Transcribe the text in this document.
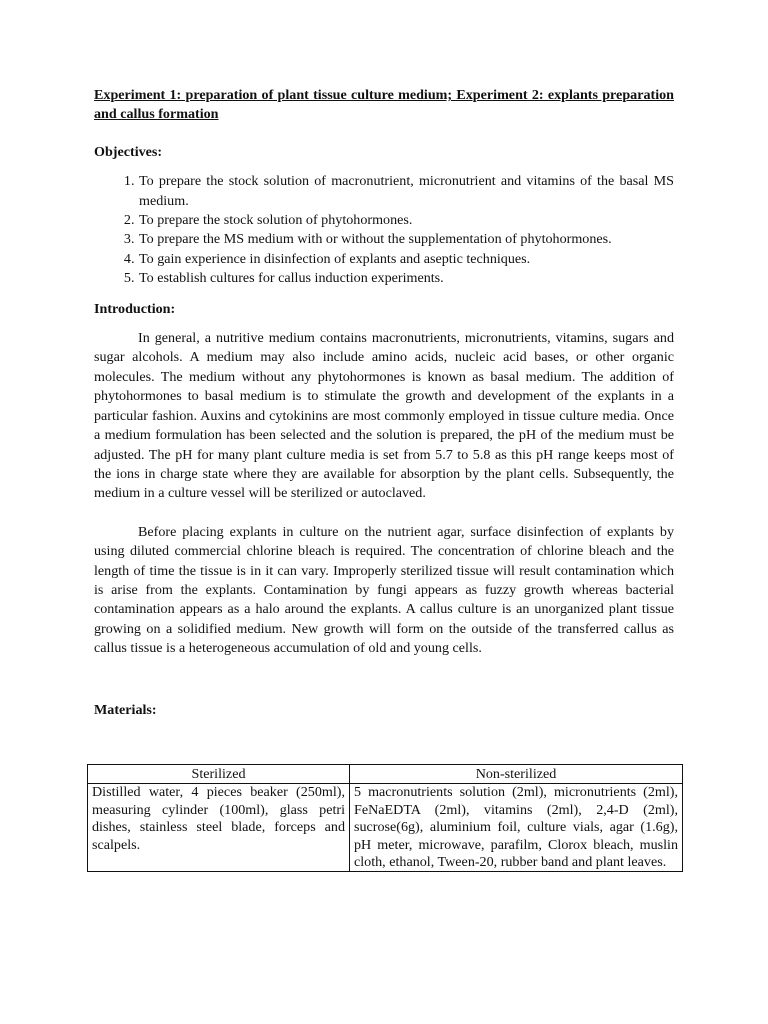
Experiment 1: preparation of plant tissue culture medium; Experiment 2: explants preparation and callus formation

Objectives:

1. To prepare the stock solution of macronutrient, micronutrient and vitamins of the basal MS medium.
2. To prepare the stock solution of phytohormones.
3. To prepare the MS medium with or without the supplementation of phytohormones.
4. To gain experience in disinfection of explants and aseptic techniques.
5. To establish cultures for callus induction experiments.

Introduction:

In general, a nutritive medium contains macronutrients, micronutrients, vitamins, sugars and sugar alcohols. A medium may also include amino acids, nucleic acid bases, or other organic molecules. The medium without any phytohormones is known as basal medium. The addition of phytohormones to basal medium is to stimulate the growth and development of the explants in a particular fashion. Auxins and cytokinins are most commonly employed in tissue culture media. Once a medium formulation has been selected and the solution is prepared, the pH of the medium must be adjusted. The pH for many plant culture media is set from 5.7 to 5.8 as this pH range keeps most of the ions in charge state where they are available for absorption by the plant cells. Subsequently, the medium in a culture vessel will be sterilized or autoclaved.

Before placing explants in culture on the nutrient agar, surface disinfection of explants by using diluted commercial chlorine bleach is required. The concentration of chlorine bleach and the length of time the tissue is in it can vary. Improperly sterilized tissue will result contamination which is arise from the explants. Contamination by fungi appears as fuzzy growth whereas bacterial contamination appears as a halo around the explants. A callus culture is an unorganized plant tissue growing on a solidified medium. New growth will form on the outside of the transferred callus as callus tissue is a heterogeneous accumulation of old and young cells.

Materials:

Sterilized	Non-sterilized
Distilled water, 4 pieces beaker (250ml), measuring cylinder (100ml), glass petri dishes, stainless steel blade, forceps and scalpels.	5 macronutrients solution (2ml), micronutrients (2ml), FeNaEDTA (2ml), vitamins (2ml), 2,4-D (2ml), sucrose(6g), aluminium foil, culture vials, agar (1.6g), pH meter, microwave, parafilm, Clorox bleach, muslin cloth, ethanol, Tween-20, rubber band and plant leaves.
